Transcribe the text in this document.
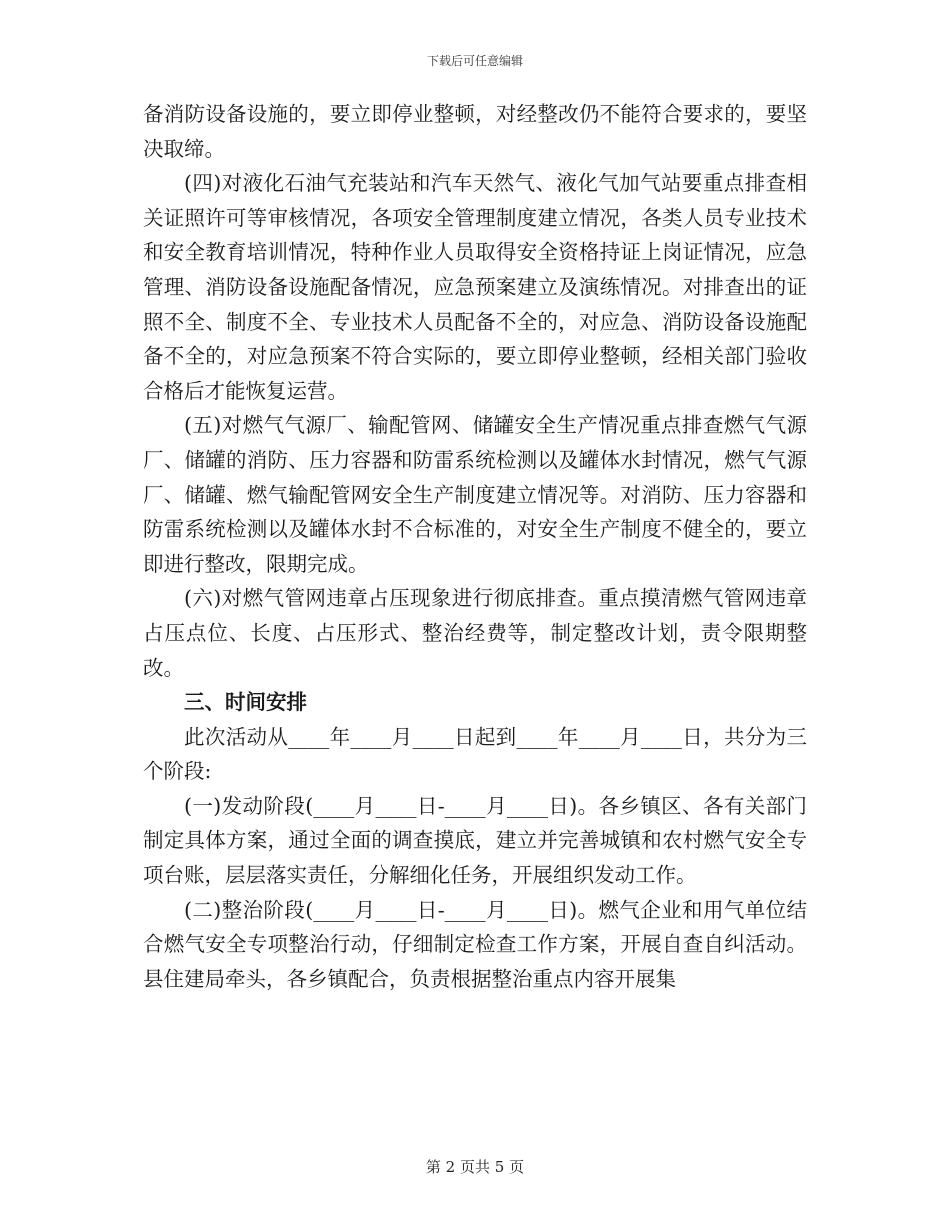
下载后可任意编辑

备消防设备设施的，要立即停业整顿，对经整改仍不能符合要求的，要坚决取缔。

(四)对液化石油气充装站和汽车天然气、液化气加气站要重点排查相关证照许可等审核情况，各项安全管理制度建立情况，各类人员专业技术和安全教育培训情况，特种作业人员取得安全资格持证上岗证情况，应急管理、消防设备设施配备情况，应急预案建立及演练情况。对排查出的证照不全、制度不全、专业技术人员配备不全的，对应急、消防设备设施配备不全的，对应急预案不符合实际的，要立即停业整顿，经相关部门验收合格后才能恢复运营。

(五)对燃气气源厂、输配管网、储罐安全生产情况重点排查燃气气源厂、储罐的消防、压力容器和防雷系统检测以及罐体水封情况，燃气气源厂、储罐、燃气输配管网安全生产制度建立情况等。对消防、压力容器和防雷系统检测以及罐体水封不合标准的，对安全生产制度不健全的，要立即进行整改，限期完成。

(六)对燃气管网违章占压现象进行彻底排查。重点摸清燃气管网违章占压点位、长度、占压形式、整治经费等，制定整改计划，责令限期整改。

三、时间安排

此次活动从____年____月____日起到____年____月____日，共分为三个阶段:

(一)发动阶段(____月____日-____月____日)。各乡镇区、各有关部门制定具体方案，通过全面的调查摸底，建立并完善城镇和农村燃气安全专项台账，层层落实责任，分解细化任务，开展组织发动工作。

(二)整治阶段(____月____日-____月____日)。燃气企业和用气单位结合燃气安全专项整治行动，仔细制定检查工作方案，开展自查自纠活动。县住建局牵头，各乡镇配合，负责根据整治重点内容开展集

第 2 页共 5 页
